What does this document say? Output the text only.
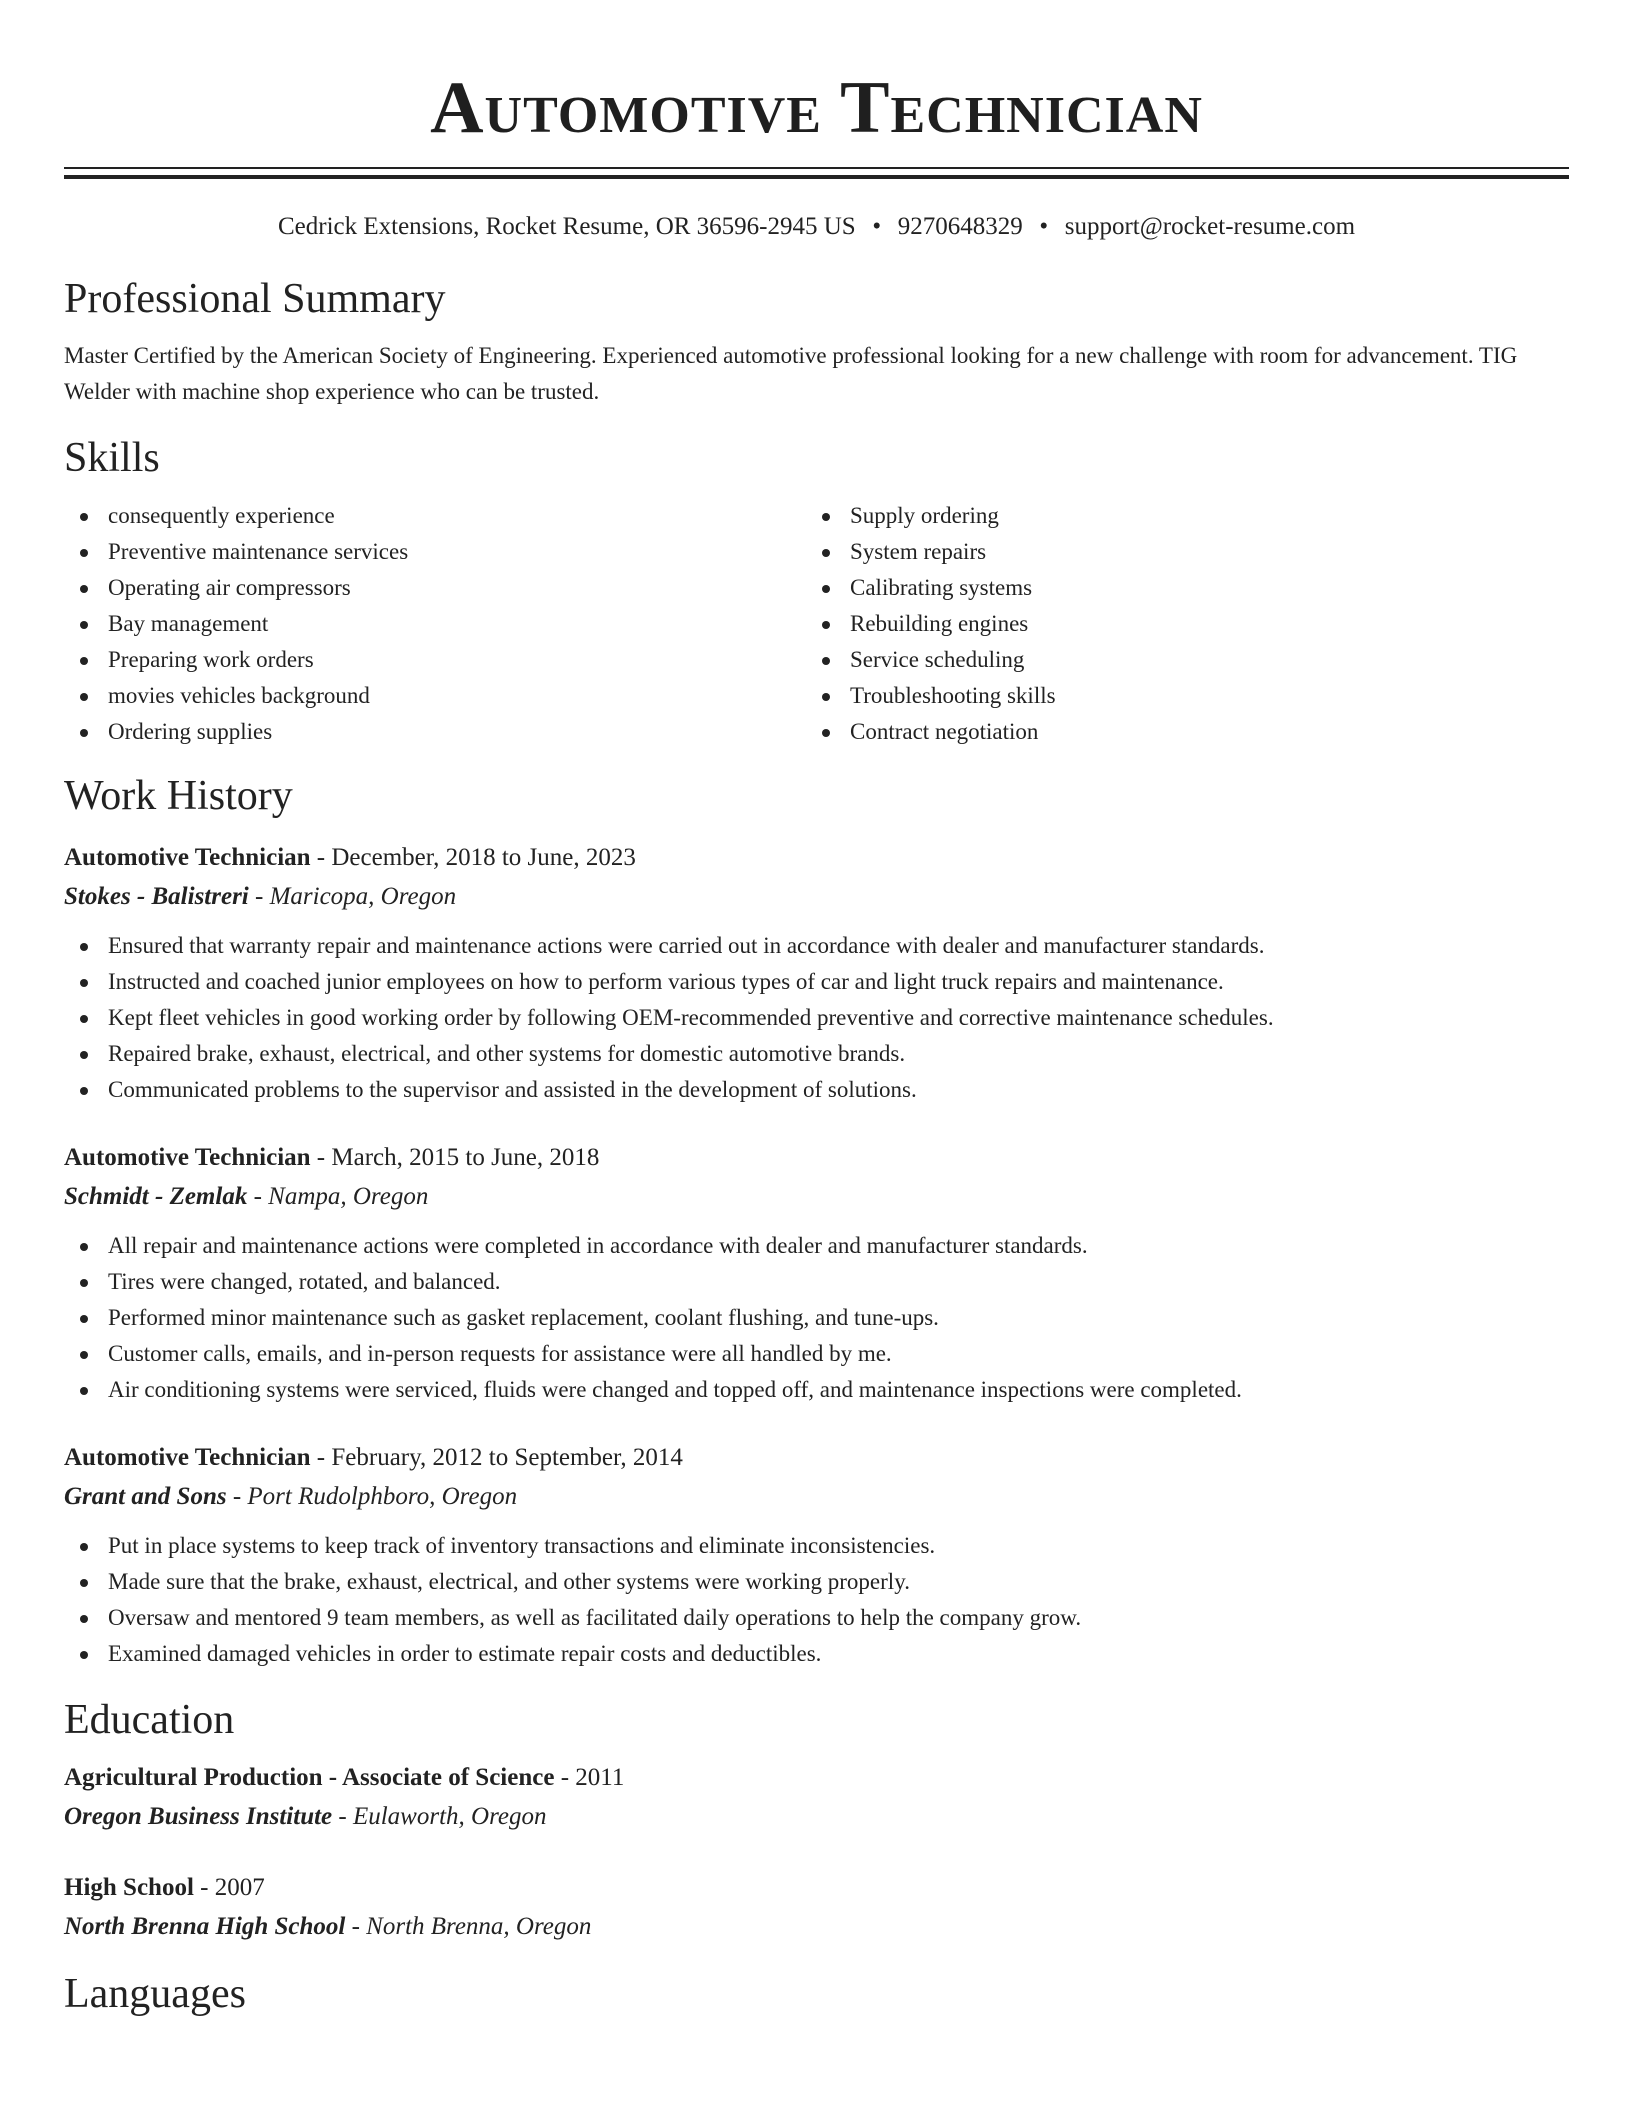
Automotive Technician
Cedrick Extensions, Rocket Resume, OR 36596-2945 US • 9270648329 • support@rocket-resume.com
Professional Summary

Master Certified by the American Society of Engineering. Experienced automotive professional looking for a new challenge with room for advancement. TIG Welder with machine shop experience who can be trusted.

Skills
consequently experience
Preventive maintenance services
Operating air compressors
Bay management
Preparing work orders
movies vehicles background
Ordering supplies
Supply ordering
System repairs
Calibrating systems
Rebuilding engines
Service scheduling
Troubleshooting skills
Contract negotiation
Work History
Automotive Technician - December, 2018 to June, 2023
Stokes - Balistreri - Maricopa, Oregon
Ensured that warranty repair and maintenance actions were carried out in accordance with dealer and manufacturer standards.
Instructed and coached junior employees on how to perform various types of car and light truck repairs and maintenance.
Kept fleet vehicles in good working order by following OEM-recommended preventive and corrective maintenance schedules.
Repaired brake, exhaust, electrical, and other systems for domestic automotive brands.
Communicated problems to the supervisor and assisted in the development of solutions.
Automotive Technician - March, 2015 to June, 2018
Schmidt - Zemlak - Nampa, Oregon
All repair and maintenance actions were completed in accordance with dealer and manufacturer standards.
Tires were changed, rotated, and balanced.
Performed minor maintenance such as gasket replacement, coolant flushing, and tune-ups.
Customer calls, emails, and in-person requests for assistance were all handled by me.
Air conditioning systems were serviced, fluids were changed and topped off, and maintenance inspections were completed.
Automotive Technician - February, 2012 to September, 2014
Grant and Sons - Port Rudolphboro, Oregon
Put in place systems to keep track of inventory transactions and eliminate inconsistencies.
Made sure that the brake, exhaust, electrical, and other systems were working properly.
Oversaw and mentored 9 team members, as well as facilitated daily operations to help the company grow.
Examined damaged vehicles in order to estimate repair costs and deductibles.
Education
Agricultural Production - Associate of Science - 2011
Oregon Business Institute - Eulaworth, Oregon
High School - 2007
North Brenna High School - North Brenna, Oregon
Languages
